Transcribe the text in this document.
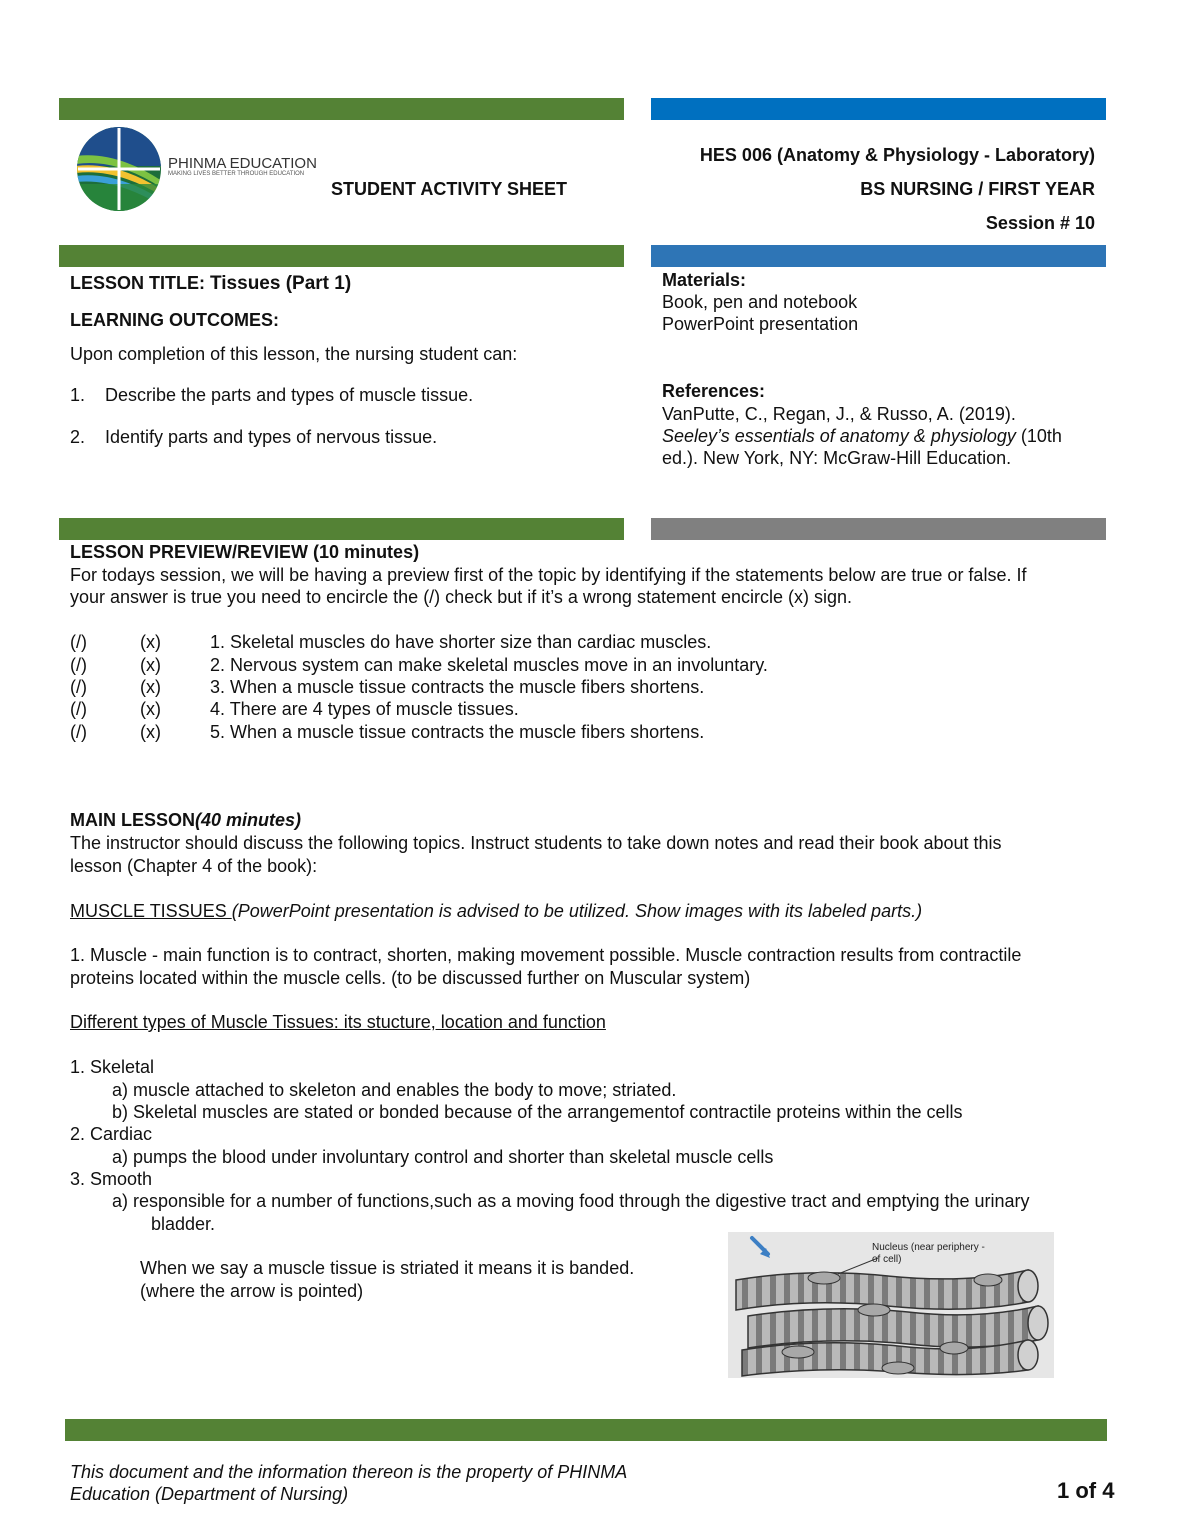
PHINMA EDUCATION
MAKING LIVES BETTER THROUGH EDUCATION
STUDENT ACTIVITY SHEET
HES 006 (Anatomy & Physiology - Laboratory)
BS NURSING / FIRST YEAR
Session # 10
LESSON TITLE: Tissues (Part 1)
LEARNING OUTCOMES:
Upon completion of this lesson, the nursing student can:
1. Describe the parts and types of muscle tissue.
2. Identify parts and types of nervous tissue.
Materials:
Book, pen and notebook
PowerPoint presentation
References:
VanPutte, C., Regan, J., & Russo, A. (2019).
Seeley’s essentials of anatomy & physiology (10th
ed.). New York, NY: McGraw-Hill Education.
LESSON PREVIEW/REVIEW (10 minutes)
For todays session, we will be having a preview first of the topic by identifying if the statements below are true or false. If
your answer is true you need to encircle the (/) check but if it’s a wrong statement encircle (x) sign.
(/)	(x)	1. Skeletal muscles do have shorter size than cardiac muscles.
(/)	(x)	2. Nervous system can make skeletal muscles move in an involuntary.
(/)	(x)	3. When a muscle tissue contracts the muscle fibers shortens.
(/)	(x)	4. There are 4 types of muscle tissues.
(/)	(x)	5. When a muscle tissue contracts the muscle fibers shortens.
MAIN LESSON(40 minutes)
The instructor should discuss the following topics. Instruct students to take down notes and read their book about this
lesson (Chapter 4 of the book):
MUSCLE TISSUES (PowerPoint presentation is advised to be utilized. Show images with its labeled parts.)
1. Muscle - main function is to contract, shorten, making movement possible. Muscle contraction results from contractile
proteins located within the muscle cells. (to be discussed further on Muscular system)
Different types of Muscle Tissues: its stucture, location and function
1. Skeletal
a) muscle attached to skeleton and enables the body to move; striated.
b) Skeletal muscles are stated or bonded because of the arrangementof contractile proteins within the cells
2. Cardiac
a) pumps the blood under involuntary control and shorter than skeletal muscle cells
3. Smooth
a) responsible for a number of functions,such as a moving food through the digestive tract and emptying the urinary
bladder.
When we say a muscle tissue is striated it means it is banded.
(where the arrow is pointed)
Nucleus (near periphery -
of cell)
This document and the information thereon is the property of PHINMA
Education (Department of Nursing)	1 of 4
